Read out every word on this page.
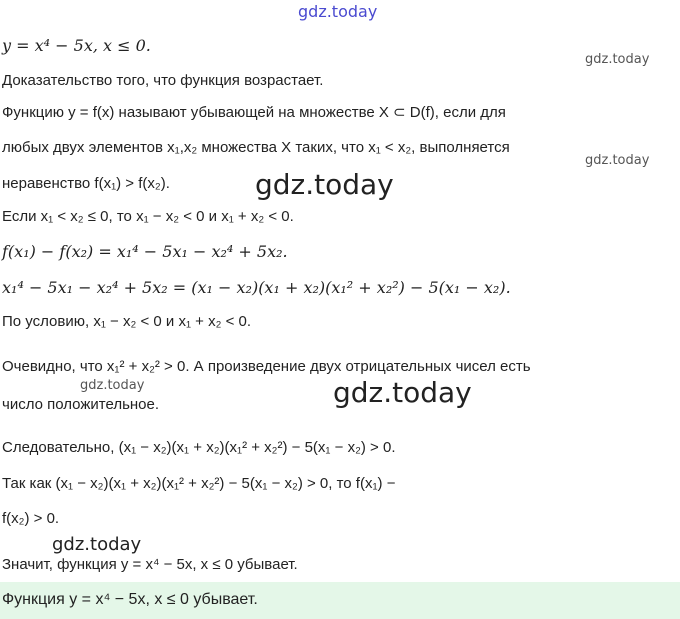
gdz.today
gdz.today
gdz.today
gdz.today
gdz.today	gdz.today
gdz.today
y = x⁴ − 5x, x ≤ 0.
Доказательство того, что функция возрастает.
Функцию y = f(x) называют убывающей на множестве X ⊂ D(f), если для
любых двух элементов x₁,x₂ множества X таких, что x₁ < x₂, выполняется
неравенство f(x₁) > f(x₂).
Если x₁ < x₂ ≤ 0, то x₁ − x₂ < 0 и x₁ + x₂ < 0.
f(x₁) − f(x₂) = x₁⁴ − 5x₁ − x₂⁴ + 5x₂.
x₁⁴ − 5x₁ − x₂⁴ + 5x₂ = (x₁ − x₂)(x₁ + x₂)(x₁² + x₂²) − 5(x₁ − x₂).
По условию, x₁ − x₂ < 0 и x₁ + x₂ < 0.
Очевидно, что x₁² + x₂² > 0. А произведение двух отрицательных чисел есть
число положительное.
Следовательно, (x₁ − x₂)(x₁ + x₂)(x₁² + x₂²) − 5(x₁ − x₂) > 0.
Так как (x₁ − x₂)(x₁ + x₂)(x₁² + x₂²) − 5(x₁ − x₂) > 0, то f(x₁) −
f(x₂) > 0.
Значит, функция y = x⁴ − 5x, x ≤ 0 убывает.
Функция y = x⁴ − 5x, x ≤ 0 убывает.
